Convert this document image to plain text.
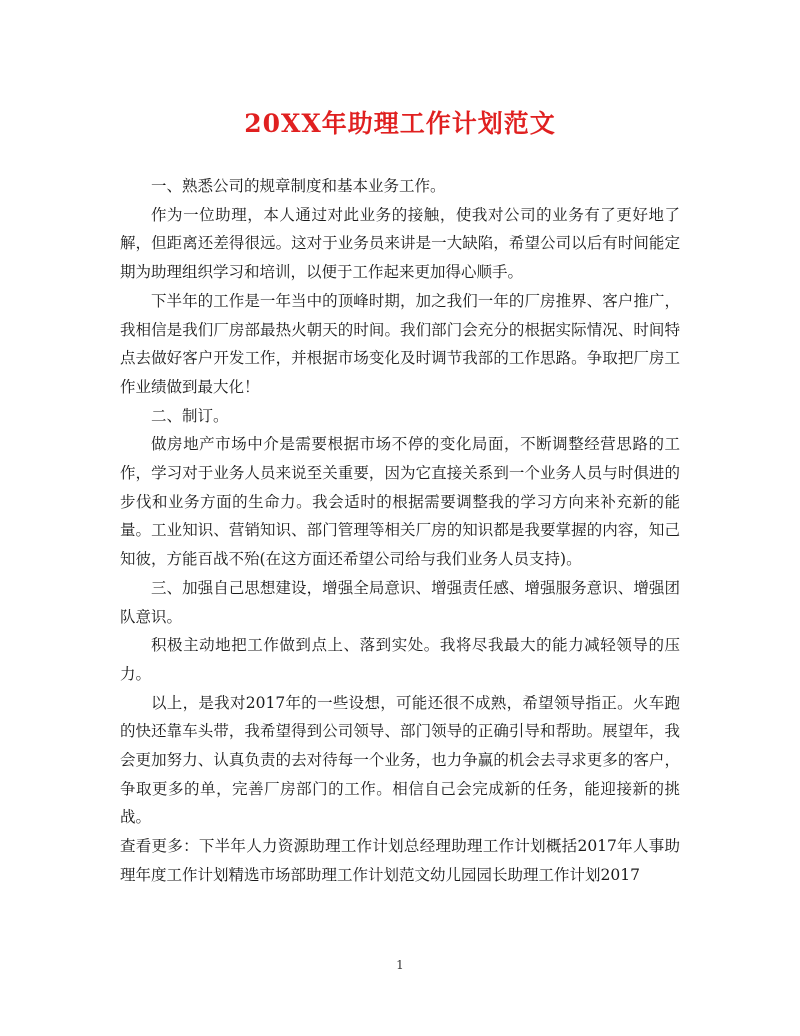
20XX年助理工作计划范文

一、熟悉公司的规章制度和基本业务工作。

作为一位助理，本人通过对此业务的接触，使我对公司的业务有了更好地了解，但距离还差得很远。这对于业务员来讲是一大缺陷，希望公司以后有时间能定期为助理组织学习和培训，以便于工作起来更加得心顺手。

下半年的工作是一年当中的顶峰时期，加之我们一年的厂房推界、客户推广，我相信是我们厂房部最热火朝天的时间。我们部门会充分的根据实际情况、时间特点去做好客户开发工作，并根据市场变化及时调节我部的工作思路。争取把厂房工作业绩做到最大化！

二、制订。

做房地产市场中介是需要根据市场不停的变化局面，不断调整经营思路的工作，学习对于业务人员来说至关重要，因为它直接关系到一个业务人员与时俱进的步伐和业务方面的生命力。我会适时的根据需要调整我的学习方向来补充新的能量。工业知识、营销知识、部门管理等相关厂房的知识都是我要掌握的内容，知己知彼，方能百战不殆(在这方面还希望公司给与我们业务人员支持)。

三、加强自己思想建设，增强全局意识、增强责任感、增强服务意识、增强团队意识。

积极主动地把工作做到点上、落到实处。我将尽我最大的能力减轻领导的压力。

以上，是我对2017年的一些设想，可能还很不成熟，希望领导指正。火车跑的快还靠车头带，我希望得到公司领导、部门领导的正确引导和帮助。展望年，我会更加努力、认真负责的去对待每一个业务，也力争赢的机会去寻求更多的客户，争取更多的单，完善厂房部门的工作。相信自己会完成新的任务，能迎接新的挑战。

查看更多：下半年人力资源助理工作计划总经理助理工作计划概括2017年人事助理年度工作计划精选市场部助理工作计划范文幼儿园园长助理工作计划2017

1
